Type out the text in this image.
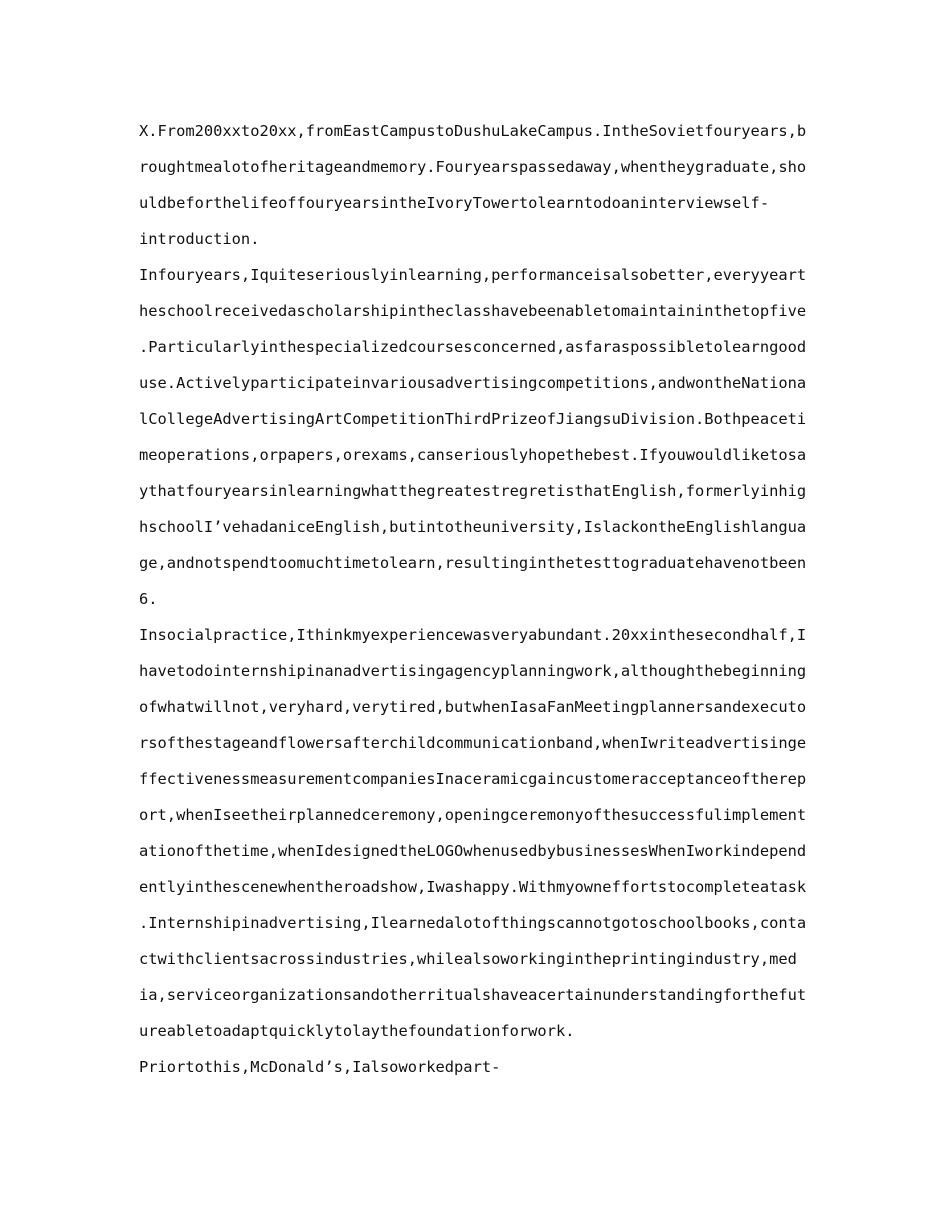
X.From200xxto20xx,fromEastCampustoDushuLakeCampus.IntheSovietfouryears,b
roughtmealotofheritageandmemory.Fouryearspassedaway,whentheygraduate,sho
uldbeforthelifeoffouryearsintheIvoryTowertolearntodoaninterviewself-
introduction.
Infouryears,Iquiteseriouslyinlearning,performanceisalsobetter,everyyeart
heschoolreceivedascholarshipintheclasshavebeenabletomaintaininthetopfive
.Particularlyinthespecializedcoursesconcerned,asfaraspossibletolearngood
use.Activelyparticipateinvariousadvertisingcompetitions,andwontheNationa
lCollegeAdvertisingArtCompetitionThirdPrizeofJiangsuDivision.Bothpeaceti
meoperations,orpapers,orexams,canseriouslyhopethebest.Ifyouwouldliketosa
ythatfouryearsinlearningwhatthegreatestregretisthatEnglish,formerlyinhig
hschoolI’vehadaniceEnglish,butintotheuniversity,IslackontheEnglishlangua
ge,andnotspendtoomuchtimetolearn,resultinginthetesttograduatehavenotbeen
6.
Insocialpractice,Ithinkmyexperiencewasveryabundant.20xxinthesecondhalf,I
havetodointernshipinanadvertisingagencyplanningwork,althoughthebeginning
ofwhatwillnot,veryhard,verytired,butwhenIasaFanMeetingplannersandexecuto
rsofthestageandflowersafterchildcommunicationband,whenIwriteadvertisinge
ffectivenessmeasurementcompaniesInaceramicgaincustomeracceptanceoftherep
ort,whenIseetheirplannedceremony,openingceremonyofthesuccessfulimplement
ationofthetime,whenIdesignedtheLOGOwhenusedbybusinessesWhenIworkindepend
entlyinthescenewhentheroadshow,Iwashappy.Withmyowneffortstocompleteatask
.Internshipinadvertising,Ilearnedalotofthingscannotgotoschoolbooks,conta
ctwithclientsacrossindustries,whilealsoworkingintheprintingindustry,med
ia,serviceorganizationsandotherritualshaveacertainunderstandingforthefut
ureabletoadaptquicklytolaythefoundationforwork.
Priortothis,McDonald’s,Ialsoworkedpart-
